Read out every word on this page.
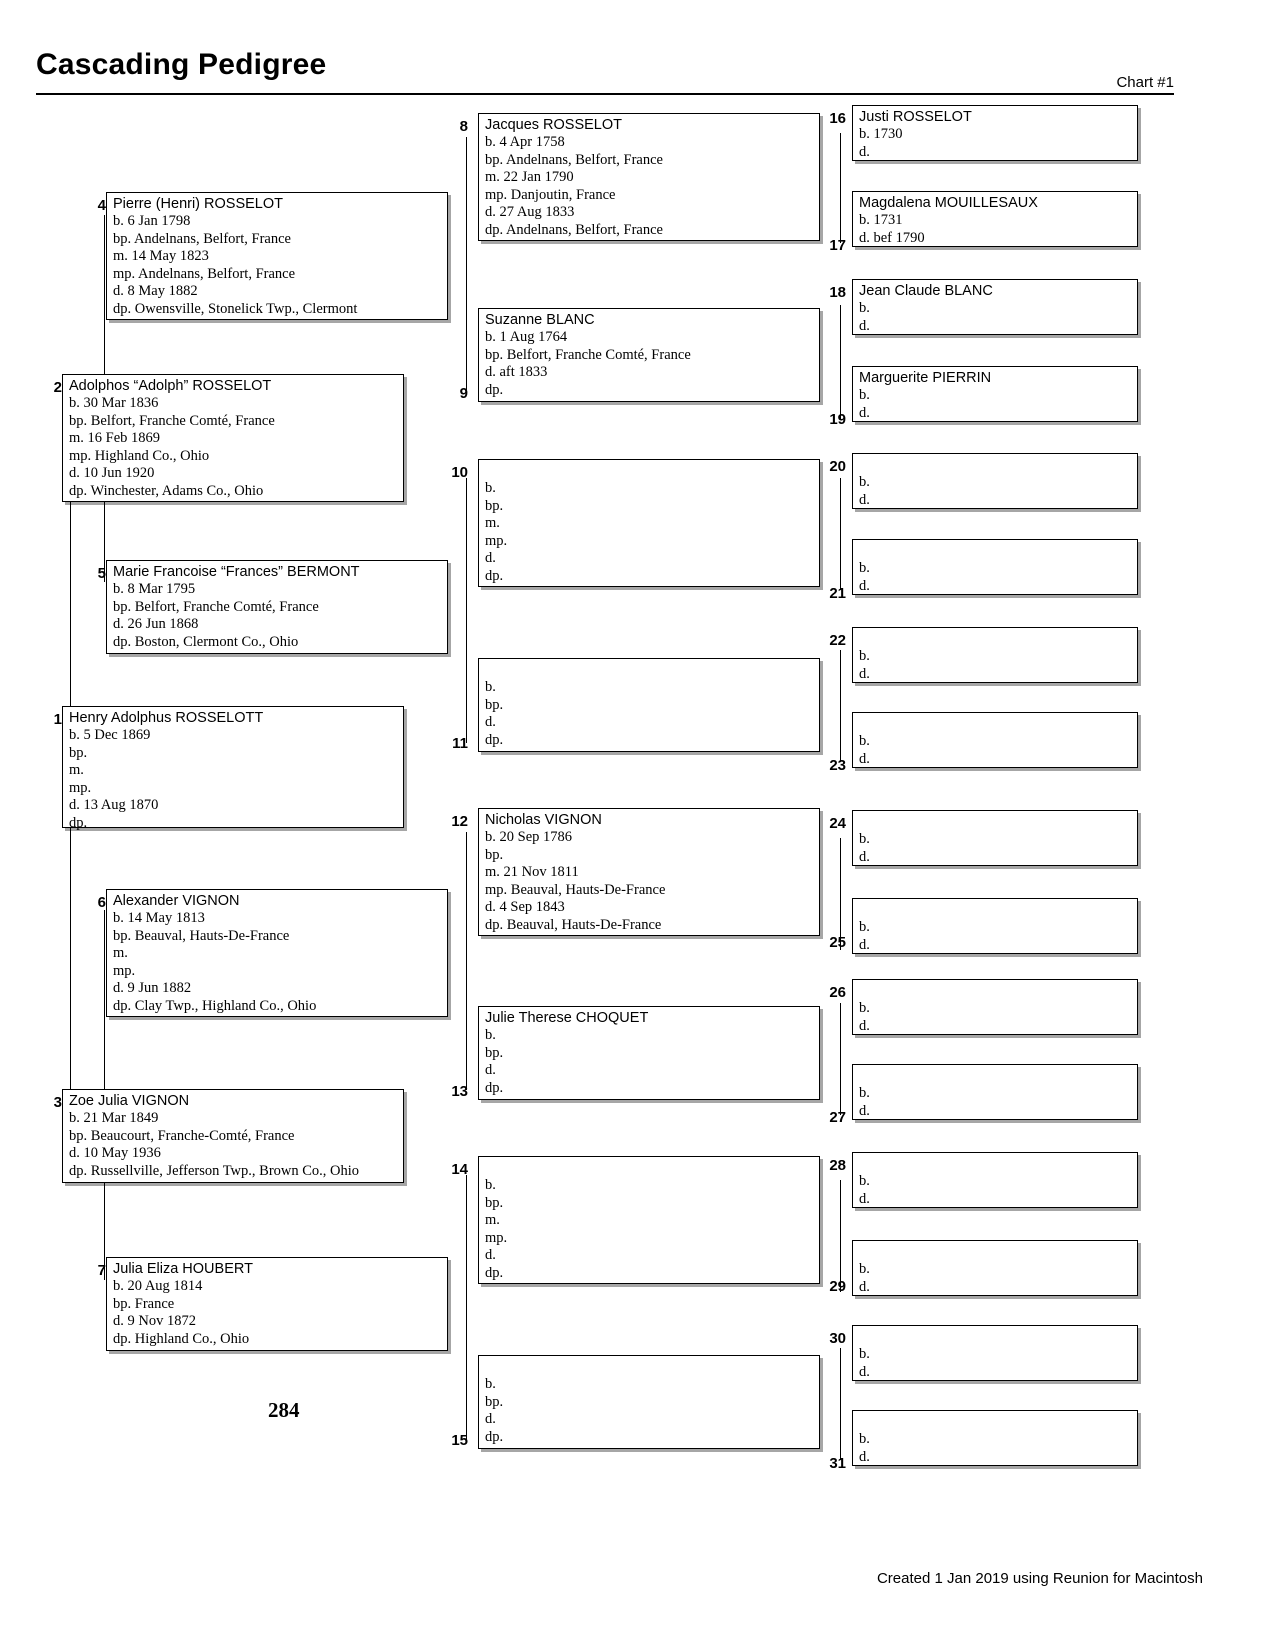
Cascading Pedigree
Chart #1
1 Henry Adolphus ROSSELOTT
b. 5 Dec 1869
bp.
m.
mp.
d. 13 Aug 1870
dp.
2 Adolphos “Adolph” ROSSELOT
b. 30 Mar 1836
bp. Belfort, Franche Comté, France
m. 16 Feb 1869
mp. Highland Co., Ohio
d. 10 Jun 1920
dp. Winchester, Adams Co., Ohio
3 Zoe Julia VIGNON
b. 21 Mar 1849
bp. Beaucourt, Franche-Comté, France
d. 10 May 1936
dp. Russellville, Jefferson Twp., Brown Co., Ohio
4 Pierre (Henri) ROSSELOT
b. 6 Jan 1798
bp. Andelnans, Belfort, France
m. 14 May 1823
mp. Andelnans, Belfort, France
d. 8 May 1882
dp. Owensville, Stonelick Twp., Clermont
5 Marie Francoise “Frances” BERMONT
b. 8 Mar 1795
bp. Belfort, Franche Comté, France
d. 26 Jun 1868
dp. Boston, Clermont Co., Ohio
6 Alexander VIGNON
b. 14 May 1813
bp. Beauval, Hauts-De-France
m.
mp.
d. 9 Jun 1882
dp. Clay Twp., Highland Co., Ohio
7 Julia Eliza HOUBERT
b. 20 Aug 1814
bp. France
d. 9 Nov 1872
dp. Highland Co., Ohio
8 Jacques ROSSELOT
b. 4 Apr 1758
bp. Andelnans, Belfort, France
m. 22 Jan 1790
mp. Danjoutin, France
d. 27 Aug 1833
dp. Andelnans, Belfort, France
9
Suzanne BLANC
b. 1 Aug 1764
bp. Belfort, Franche Comté, France
d. aft 1833
dp.
10

b.
bp.
m.
mp.
d.
dp.
11

b.
bp.
d.
dp.
12 Nicholas VIGNON
b. 20 Sep 1786
bp.
m. 21 Nov 1811
mp. Beauval, Hauts-De-France
d. 4 Sep 1843
dp. Beauval, Hauts-De-France
13
Julie Therese CHOQUET
b.
bp.
d.
dp.
14

b.
bp.
m.
mp.
d.
dp.
15

b.
bp.
d.
dp.
16 Justi ROSSELOT
b. 1730
d.
17
Magdalena MOUILLESAUX
b. 1731
d. bef 1790
18 Jean Claude BLANC
b.
d.
19
Marguerite PIERRIN
b.
d.
20

b.
d.
21

b.
d.
22

b.
d.
23

b.
d.
24

b.
d.
25

b.
d.
26

b.
d.
27

b.
d.
28

b.
d.
29

b.
d.
30

b.
d.
31

b.
d.
284
Created 1 Jan 2019 using Reunion for Macintosh
